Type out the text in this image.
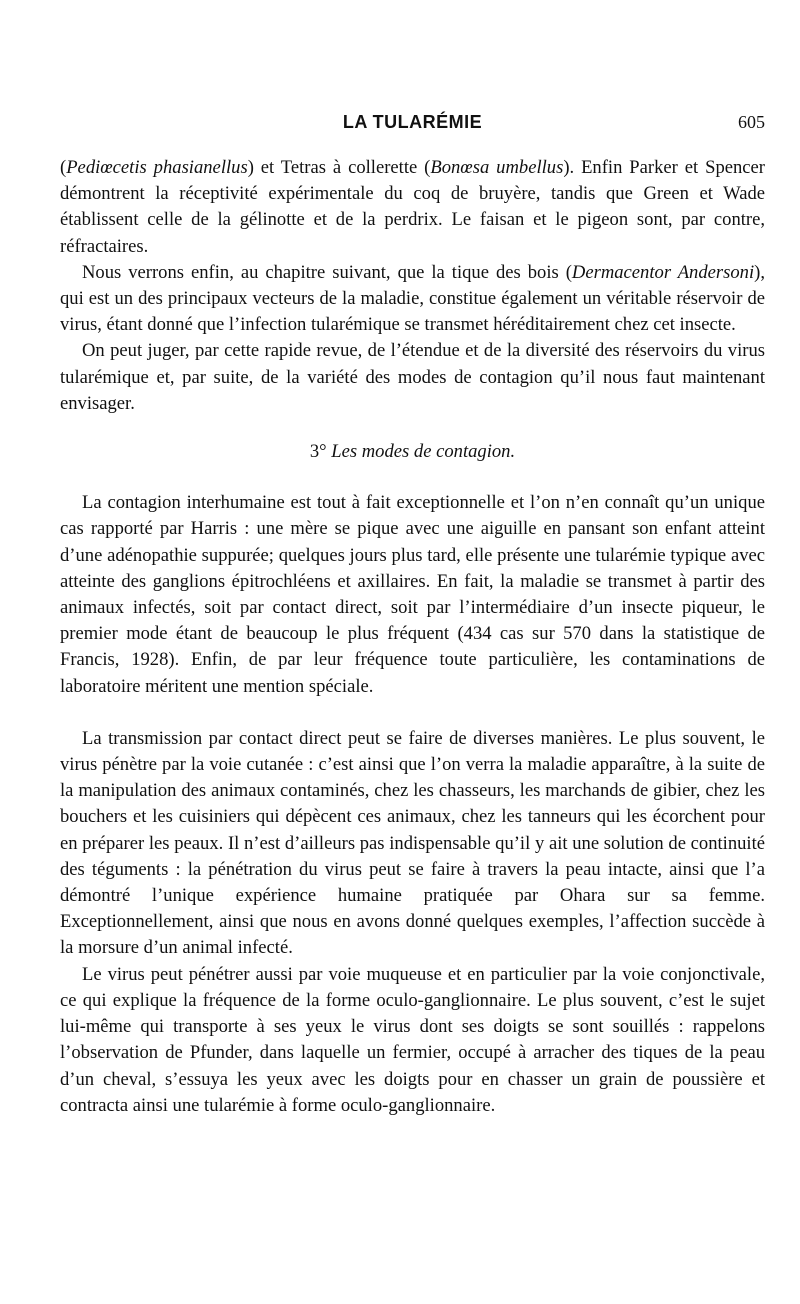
LA TULARÉMIE	605

(Pediœcetis phasianellus) et Tetras à collerette (Bonœsa umbellus). Enfin Parker et Spencer démontrent la réceptivité expérimentale du coq de bruyère, tandis que Green et Wade établissent celle de la gélinotte et de la perdrix. Le faisan et le pigeon sont, par contre, réfractaires.

Nous verrons enfin, au chapitre suivant, que la tique des bois (Dermacentor Andersoni), qui est un des principaux vecteurs de la maladie, constitue également un véritable réservoir de virus, étant donné que l’infection tularémique se transmet héréditairement chez cet insecte.

On peut juger, par cette rapide revue, de l’étendue et de la diversité des réservoirs du virus tularémique et, par suite, de la variété des modes de contagion qu’il nous faut maintenant envisager.

3° Les modes de contagion.

La contagion interhumaine est tout à fait exceptionnelle et l’on n’en connaît qu’un unique cas rapporté par Harris : une mère se pique avec une aiguille en pansant son enfant atteint d’une adénopathie suppurée; quelques jours plus tard, elle présente une tularémie typique avec atteinte des ganglions épitrochléens et axillaires. En fait, la maladie se transmet à partir des animaux infectés, soit par contact direct, soit par l’intermédiaire d’un insecte piqueur, le premier mode étant de beaucoup le plus fréquent (434 cas sur 570 dans la statistique de Francis, 1928). Enfin, de par leur fréquence toute particulière, les contaminations de laboratoire méritent une mention spéciale.

La transmission par contact direct peut se faire de diverses manières. Le plus souvent, le virus pénètre par la voie cutanée : c’est ainsi que l’on verra la maladie apparaître, à la suite de la manipulation des animaux contaminés, chez les chasseurs, les marchands de gibier, chez les bouchers et les cuisiniers qui dépècent ces animaux, chez les tanneurs qui les écorchent pour en préparer les peaux. Il n’est d’ailleurs pas indispensable qu’il y ait une solution de continuité des téguments : la pénétration du virus peut se faire à travers la peau intacte, ainsi que l’a démontré l’unique expérience humaine pratiquée par Ohara sur sa femme. Exceptionnellement, ainsi que nous en avons donné quelques exemples, l’affection succède à la morsure d’un animal infecté.

Le virus peut pénétrer aussi par voie muqueuse et en particulier par la voie conjonctivale, ce qui explique la fréquence de la forme oculo-ganglionnaire. Le plus souvent, c’est le sujet lui-même qui transporte à ses yeux le virus dont ses doigts se sont souillés : rappelons l’observation de Pfunder, dans laquelle un fermier, occupé à arracher des tiques de la peau d’un cheval, s’essuya les yeux avec les doigts pour en chasser un grain de poussière et contracta ainsi une tularémie à forme oculo-ganglionnaire.
